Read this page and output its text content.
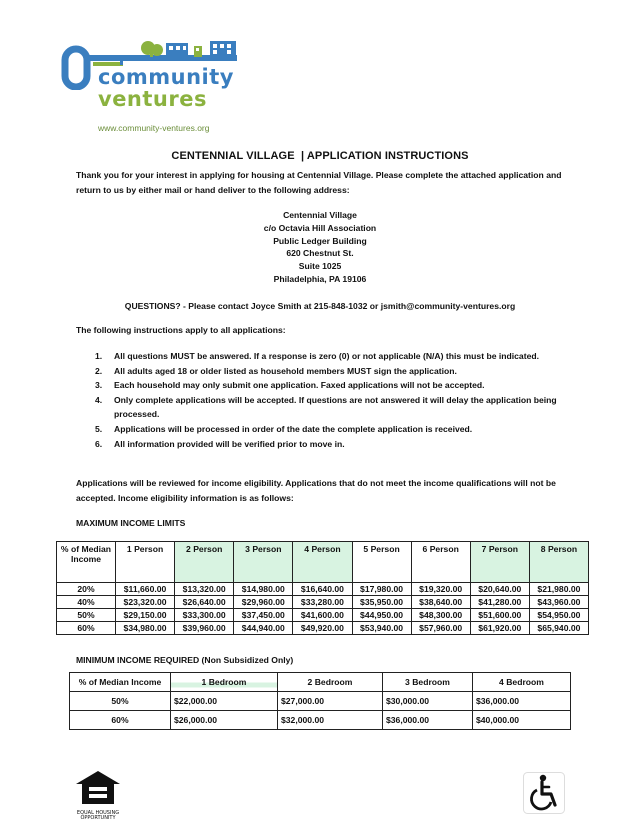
community
ventures
www.community-ventures.org
CENTENNIAL VILLAGE  | APPLICATION INSTRUCTIONS
Thank you for your interest in applying for housing at Centennial Village. Please complete the attached application and return to us by either mail or hand deliver to the following address:
Centennial Village
c/o Octavia Hill Association
Public Ledger Building
620 Chestnut St.
Suite 1025
Philadelphia, PA 19106
QUESTIONS? - Please contact Joyce Smith at 215-848-1032 or jsmith@community-ventures.org
The following instructions apply to all applications:
1. All questions MUST be answered. If a response is zero (0) or not applicable (N/A) this must be indicated.
2. All adults aged 18 or older listed as household members MUST sign the application.
3. Each household may only submit one application. Faxed applications will not be accepted.
4. Only complete applications will be accepted. If questions are not answered it will delay the application being processed.
5. Applications will be processed in order of the date the complete application is received.
6. All information provided will be verified prior to move in.
Applications will be reviewed for income eligibility. Applications that do not meet the income qualifications will not be accepted. Income eligibility information is as follows:
MAXIMUM INCOME LIMITS
% of Median Income	1 Person	2 Person	3 Person	4 Person	5 Person	6 Person	7 Person	8 Person
20%	$11,660.00	$13,320.00	$14,980.00	$16,640.00	$17,980.00	$19,320.00	$20,640.00	$21,980.00
40%	$23,320.00	$26,640.00	$29,960.00	$33,280.00	$35,950.00	$38,640.00	$41,280.00	$43,960.00
50%	$29,150.00	$33,300.00	$37,450.00	$41,600.00	$44,950.00	$48,300.00	$51,600.00	$54,950.00
60%	$34,980.00	$39,960.00	$44,940.00	$49,920.00	$53,940.00	$57,960.00	$61,920.00	$65,940.00
MINIMUM INCOME REQUIRED (Non Subsidized Only)
% of Median Income	1 Bedroom	2 Bedroom	3 Bedroom	4 Bedroom
50%	$22,000.00	$27,000.00	$30,000.00	$36,000.00
60%	$26,000.00	$32,000.00	$36,000.00	$40,000.00
EQUAL HOUSING
OPPORTUNITY
